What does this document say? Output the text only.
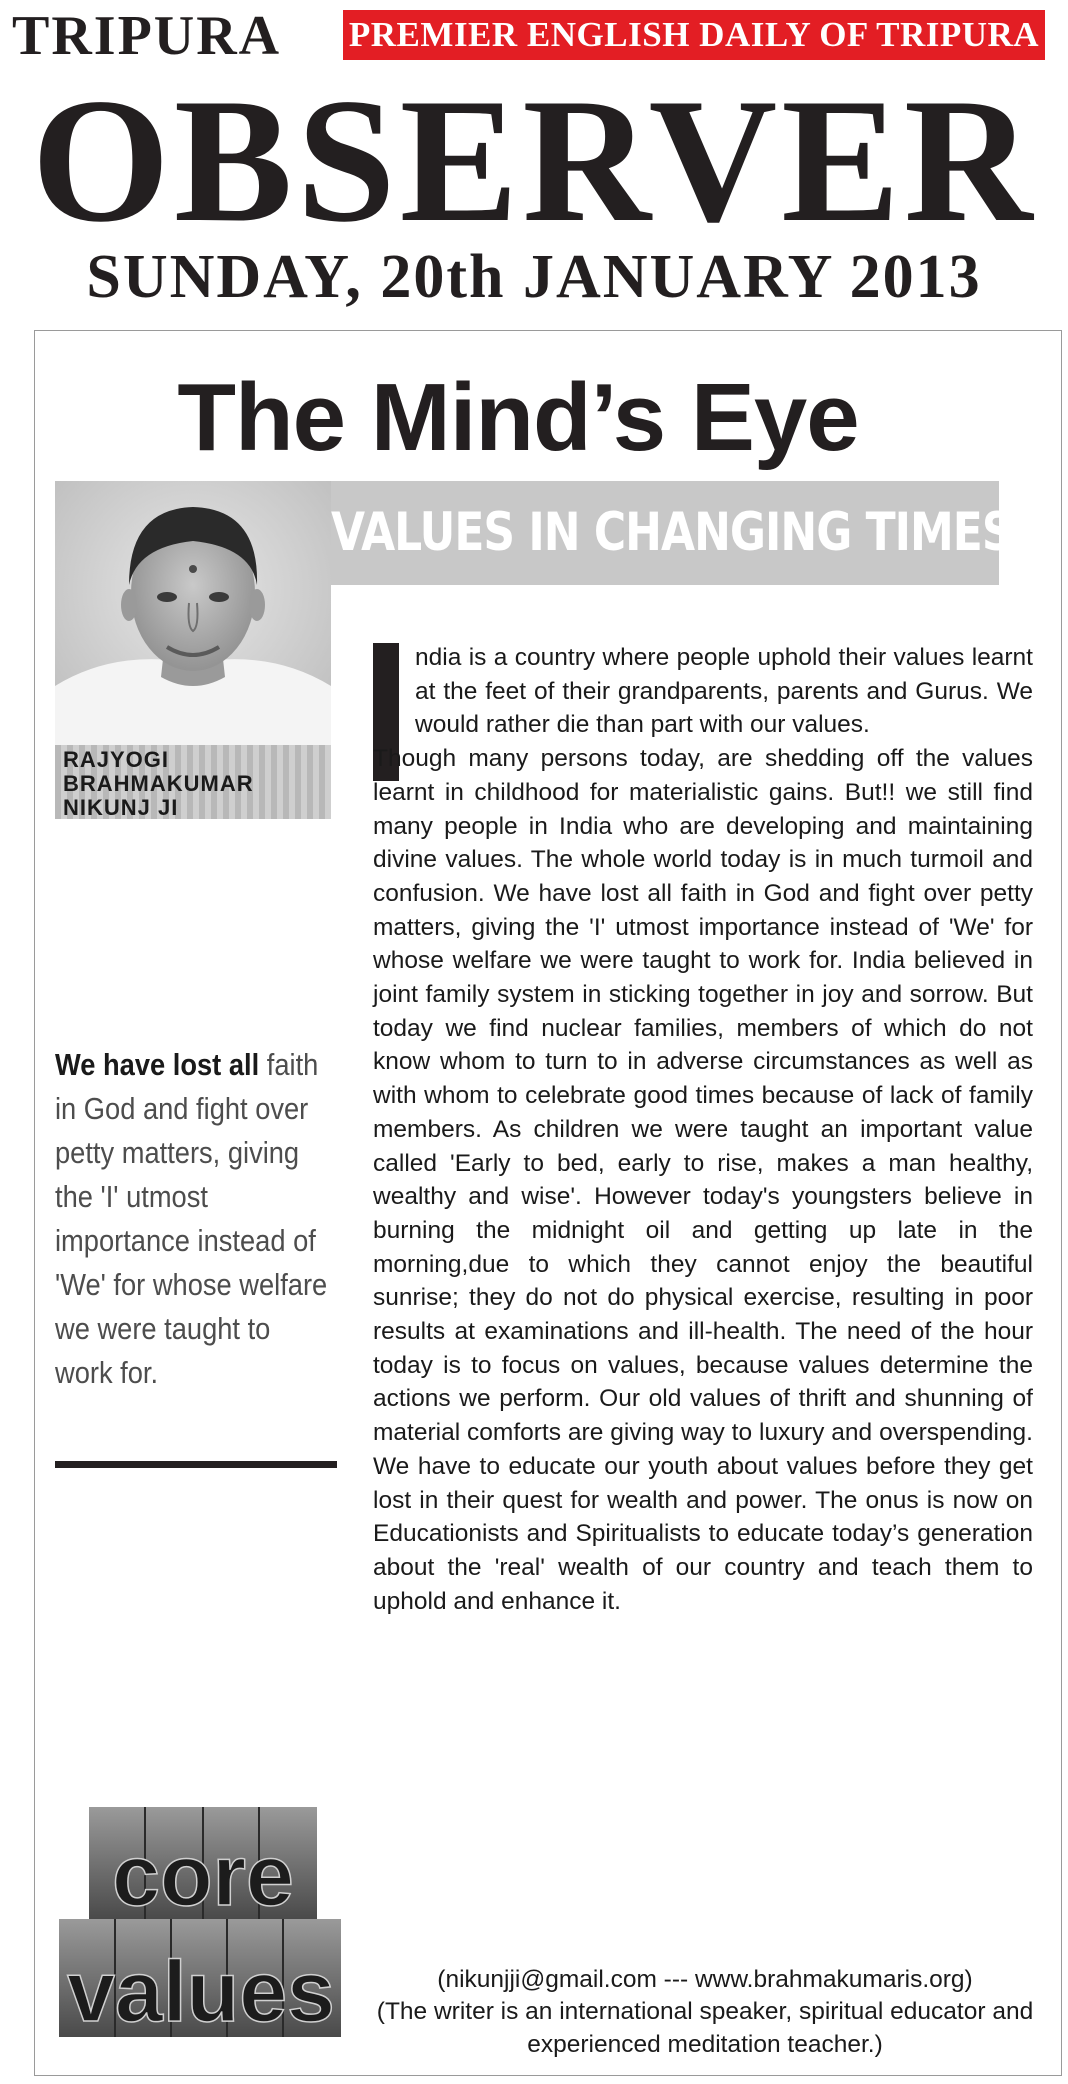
TRIPURA PREMIER ENGLISH DAILY OF TRIPURA
OBSERVER
SUNDAY, 20th JANUARY 2013
The Mind’s Eye
VALUES IN CHANGING TIMES
RAJYOGI
BRAHMAKUMAR
NIKUNJ JI
We have lost all faith in God and fight over petty matters, giving the 'I' utmost importance instead of 'We' for whose welfare we were taught to work for.
ndia is a country where people uphold their values learnt at the feet of their grandparents, parents and Gurus. We would rather die than part with our values.
Though many persons today, are shedding off the values learnt in childhood for materialistic gains. But!! we still find many people in India who are developing and maintaining divine values. The whole world today is in much turmoil and confusion. We have lost all faith in God and fight over petty matters, giving the 'I' utmost importance instead of 'We' for whose welfare we were taught to work for. India believed in joint family system in sticking together in joy and sorrow. But today we find nuclear families, members of which do not know whom to turn to in adverse circumstances as well as with whom to celebrate good times because of lack of family members. As children we were taught an important value called 'Early to bed, early to rise, makes a man healthy, wealthy and wise'. However today's youngsters believe in burning the midnight oil and getting up late in the morning,due to which they cannot enjoy the beautiful sunrise; they do not do physical exercise, resulting in poor results at examinations and ill-health. The need of the hour today is to focus on values, because values determine the actions we perform. Our old values of thrift and shunning of material comforts are giving way to luxury and overspending. We have to educate our youth about values before they get lost in their quest for wealth and power. The onus is now on Educationists and Spiritualists to educate today’s generation about the 'real' wealth of our country and teach them to uphold and enhance it.
(nikunjji@gmail.com --- www.brahmakumaris.org)
(The writer is an international speaker, spiritual educator and experienced meditation teacher.)
core
values
